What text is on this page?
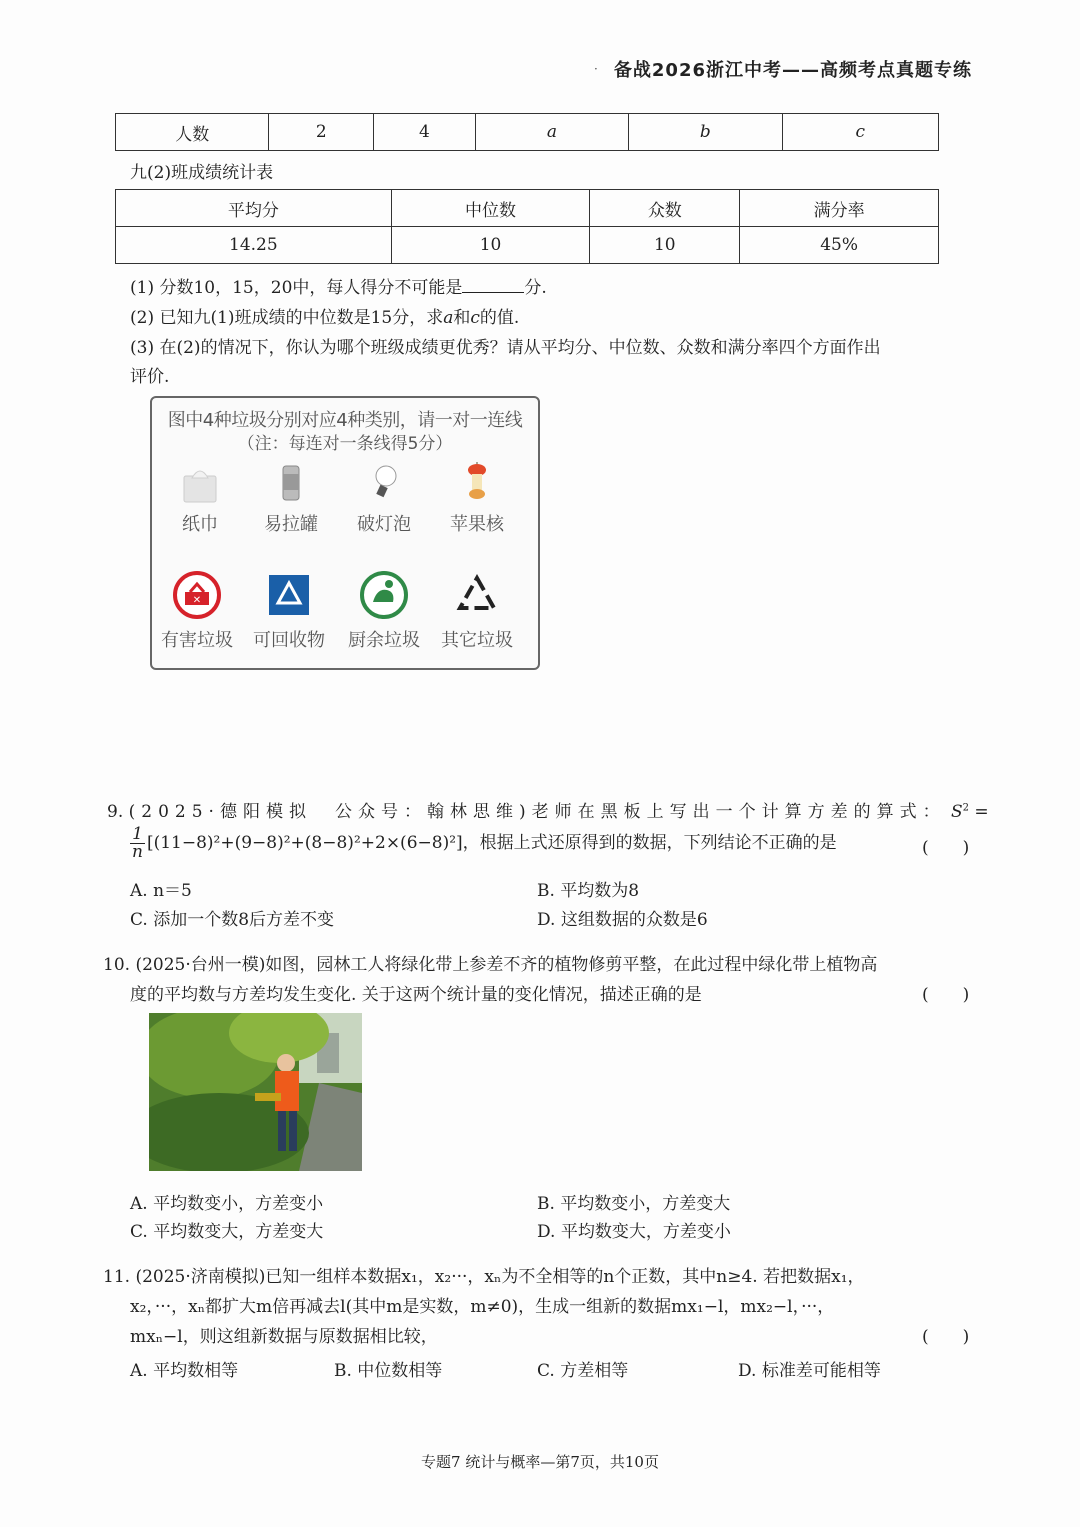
· 备战2026浙江中考——高频考点真题专练
人数	2	4	a	b	c
九(2)班成绩统计表
平均分	中位数	众数	满分率
14.25	10	10	45%
(1) 分数10，15，20中，每人得分不可能是	分.
(2) 已知九(1)班成绩的中位数是15分，求a和c的值.
(3) 在(2)的情况下，你认为哪个班级成绩更优秀？请从平均分、中位数、众数和满分率四个方面作出
评价.
图中4种垃圾分别对应4种类别，请一对一连线
（注：每连对一条线得5分）
纸巾	易拉罐	破灯泡	苹果核
✕
有害垃圾	可回收物	厨余垃圾	其它垃圾
9. (2025·德阳模拟　公众号：翰林思维)老师在黑板上写出一个计算方差的算式： $S^2$ =
$\frac{1}{n} [(11-8)^2+(9-8)^2+(8-8)^2+2\times(6-8)^2]$，根据上式还原得到的数据，下列结论不正确的是	(　　)
A. n＝5	B. 平均数为8
C. 添加一个数8后方差不变	D. 这组数据的众数是6
10. (2025·台州一模)如图，园林工人将绿化带上参差不齐的植物修剪平整，在此过程中绿化带上植物高
度的平均数与方差均发生变化. 关于这两个统计量的变化情况，描述正确的是	(　　)
A. 平均数变小，方差变小	B. 平均数变小，方差变大
C. 平均数变大，方差变大	D. 平均数变大，方差变小
11. (2025·济南模拟)已知一组样本数据x₁，x₂···，xₙ为不全相等的n个正数，其中n≥4. 若把数据x₁，
x₂，···，xₙ都扩大m倍再减去l(其中m是实数，m≠0)，生成一组新的数据mx₁−l，mx₂−l，···，
mxₙ−l，则这组新数据与原数据相比较，	(　　)
A. 平均数相等	B. 中位数相等	C. 方差相等	D. 标准差可能相等
专题7 统计与概率—第7页，共10页
